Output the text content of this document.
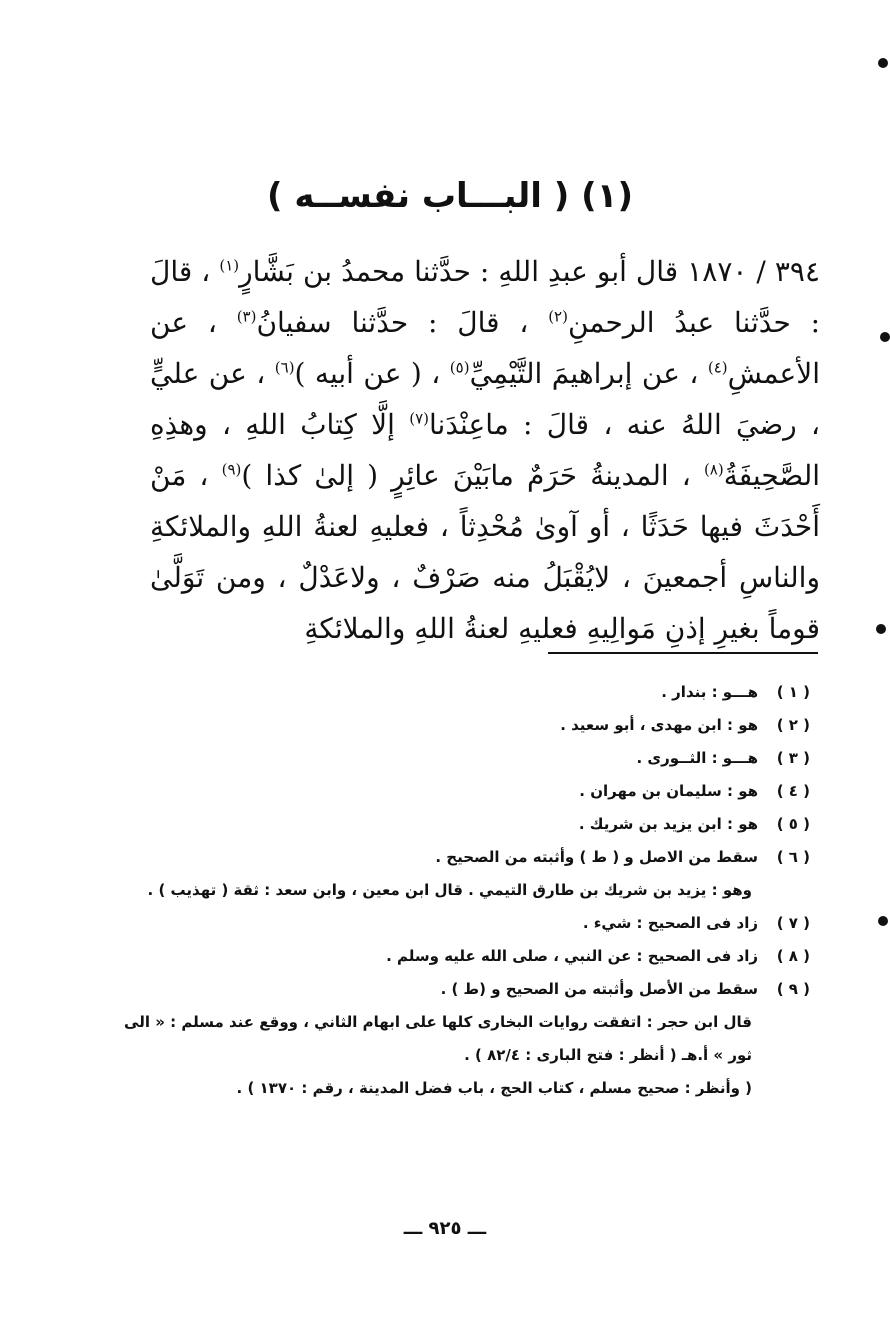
(١) ( البـــاب نفســه )
٣٩٤ / ١٨٧٠ قال أبو عبدِ اللهِ : حدَّثنا محمدُ بن بَشَّارٍ$^{(١)}$ ، قالَ : حدَّثنا عبدُ الرحمنِ$^{(٢)}$ ، قالَ : حدَّثنا سفيانُ$^{(٣)}$ ، عن الأعمشِ$^{(٤)}$ ، عن إبراهيمَ التَّيْمِيِّ$^{(٥)}$ ، ( عن أبيه )$^{(٦)}$ ، عن عليٍّ ، رضيَ اللهُ عنه ، قالَ : ماعِنْدَنا$^{(٧)}$ إلَّا كِتابُ اللهِ ، وهذِهِ الصَّحِيفَةُ$^{(٨)}$ ، المدينةُ حَرَمٌ مابَيْنَ عائِرٍ ( إلىٰ كذا )$^{(٩)}$ ، مَنْ أَحْدَثَ فيها حَدَثًا ، أو آوىٰ مُحْدِثاً ، فعليهِ لعنةُ اللهِ والملائكةِ والناسِ أجمعينَ ، لايُقْبَلُ منه صَرْفٌ ، ولاعَدْلٌ ، ومن تَوَلَّىٰ قوماً بغيرِ إذنِ مَوالِيهِ فعليهِ لعنةُ اللهِ والملائكةِ
( ١ )
هـــو : بندار .
( ٢ )
هو : ابن مهدى ، أبو سعيد .
( ٣ )
هـــو : الثــورى .
( ٤ )
هو : سليمان بن مهران .
( ٥ )
هو : ابن يزيد بن شريك .
( ٦ )
سقط من الاصل و ( ط ) وأثبته من الصحيح .
وهو : يزيد بن شريك بن طارق التيمي . قال ابن معين ، وابن سعد : ثقة ( تهذيب ) .
( ٧ )
زاد فى الصحيح : شيء .
( ٨ )
زاد فى الصحيح : عن النبي ، صلى الله عليه وسلم .
( ٩ )
سقط من الأصل وأثبته من الصحيح و (ط ) .
قال ابن حجر : اتفقت روايات البخارى كلها على ابهام الثاني ، ووقع عند مسلم : « الى ثور » أ.هـ ( أنظر : فتح البارى : ٨٢/٤ ) .
( وأنظر : صحيح مسلم ، كتاب الحج ، باب فضل المدينة ، رقم : ١٣٧٠ ) .
ـــ ٩٢٥ ـــ
